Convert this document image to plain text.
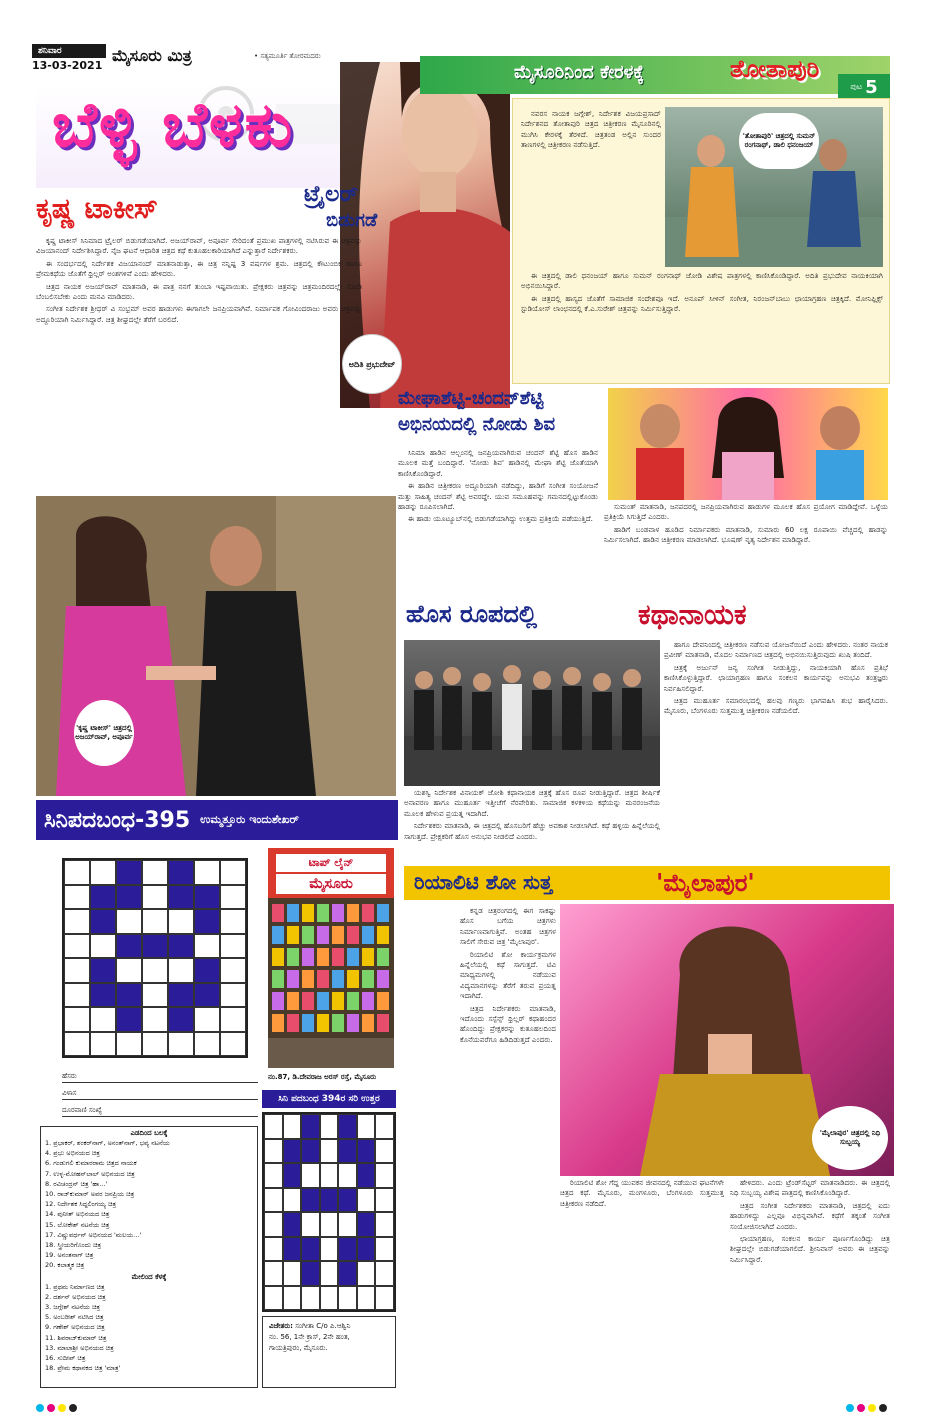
ಶನಿವಾರ
13-03-2021
ಮೈಸೂರು ಮಿತ್ರ	• ಸತ್ಯಮೂರ್ತಿ ತೋರಮದರು
ಬೆಳ್ಳಿ ಬೆಳಕು
ಅದಿತಿ ಪ್ರಭುದೇವ್
ಟ್ರೈಲರ್
ಕೃಷ್ಣ ಟಾಕೀಸ್	ಬಿಡುಗಡೆ

ಕೃಷ್ಣ ಟಾಕೀಸ್ ಸಿನಿಮಾದ ಟ್ರೈಲರ್ ಬಿಡುಗಡೆಯಾಗಿದೆ. ಅಜಯ್‌ರಾವ್, ಅಪೂರ್ವ ಸೇರಿದಂತೆ ಪ್ರಮುಖ ಪಾತ್ರಗಳಲ್ಲಿ ನಟಿಸಿರುವ ಈ ಚಿತ್ರವನ್ನು ವಿಜಯಾನಂದ್ ನಿರ್ದೇಶಿಸಿದ್ದಾರೆ. ನೈಜ ಘಟನೆ ಆಧಾರಿತ ಚಿತ್ರದ ಕಥೆ ಕುತೂಹಲಕಾರಿಯಾಗಿದೆ ಎನ್ನುತ್ತಾರೆ ನಿರ್ದೇಶಕರು.

ಈ ಸಂದರ್ಭದಲ್ಲಿ ನಿರ್ದೇಶಕ ವಿಜಯಾನಂದ್ ಮಾತನಾಡುತ್ತಾ, ಈ ಚಿತ್ರ ನನ್ನಿಷ್ಟ 3 ವರ್ಷಗಳ ಶ್ರಮ. ಚಿತ್ರದಲ್ಲಿ ಕೌಟುಂಬಿಕ ಹಾಗೂ ಪ್ರೇಮಕಥೆಯ ಜೊತೆಗೆ ಥ್ರಿಲ್ಲರ್ ಅಂಶಗಳಿವೆ ಎಂದು ಹೇಳಿದರು.

ಚಿತ್ರದ ನಾಯಕ ಅಜಯ್‌ರಾವ್ ಮಾತನಾಡಿ, ಈ ಪಾತ್ರ ನನಗೆ ತುಂಬಾ ಇಷ್ಟವಾಯಿತು. ಪ್ರೇಕ್ಷಕರು ಚಿತ್ರವನ್ನು ಚಿತ್ರಮಂದಿರದಲ್ಲೇ ನೋಡಿ ಬೆಂಬಲಿಸಬೇಕು ಎಂದು ಮನವಿ ಮಾಡಿದರು.

ಸಂಗೀತ ನಿರ್ದೇಶಕ ಶ್ರೀಧರ್ ವಿ ಸಂಭ್ರಮ್ ಅವರ ಹಾಡುಗಳು ಈಗಾಗಲೇ ಜನಪ್ರಿಯವಾಗಿವೆ. ನಿರ್ಮಾಪಕ ಗೋವಿಂದರಾಜು ಅವರು ಚಿತ್ರವನ್ನು ಅದ್ದೂರಿಯಾಗಿ ನಿರ್ಮಿಸಿದ್ದಾರೆ. ಚಿತ್ರ ಶೀಘ್ರದಲ್ಲೇ ತೆರೆಗೆ ಬರಲಿದೆ.

'ಕೃಷ್ಣ ಟಾಕೀಸ್' ಚಿತ್ರದಲ್ಲಿ ಅಜಯ್‌ರಾವ್, ಅಪೂರ್ವ
ಮೈಸೂರಿನಿಂದ ಕೇರಳಕ್ಕೆ	ತೋತಾಪುರಿ
ಪುಟ 5

ನವರಸ ನಾಯಕ ಜಗ್ಗೇಶ್, ನಿರ್ದೇಶಕ ವಿಜಯಪ್ರಸಾದ್ ನಿರ್ದೇಶನದ ತೋತಾಪುರಿ ಚಿತ್ರದ ಚಿತ್ರೀಕರಣ ಮೈಸೂರಿನಲ್ಲಿ ಮುಗಿಸಿ ಕೇರಳಕ್ಕೆ ತೆರಳಿದೆ. ಚಿತ್ರತಂಡ ಅಲ್ಲಿನ ಸುಂದರ ತಾಣಗಳಲ್ಲಿ ಚಿತ್ರೀಕರಣ ನಡೆಸುತ್ತಿದೆ.

'ತೋತಾಪುರಿ' ಚಿತ್ರದಲ್ಲಿ ಸುಮನ್ ರಂಗನಾಥ್, ಡಾಲಿ ಧನಂಜಯ್

ಈ ಚಿತ್ರದಲ್ಲಿ ಡಾಲಿ ಧನಂಜಯ್ ಹಾಗೂ ಸುಮನ್ ರಂಗನಾಥ್ ಜೋಡಿ ವಿಶೇಷ ಪಾತ್ರಗಳಲ್ಲಿ ಕಾಣಿಸಿಕೊಂಡಿದ್ದಾರೆ. ಅದಿತಿ ಪ್ರಭುದೇವ ನಾಯಕಿಯಾಗಿ ಅಭಿನಯಿಸಿದ್ದಾರೆ.

ಈ ಚಿತ್ರದಲ್ಲಿ ಹಾಸ್ಯದ ಜೊತೆಗೆ ಸಾಮಾಜಿಕ ಸಂದೇಶವೂ ಇದೆ. ಅನೂಪ್ ಸೀಳಿನ್ ಸಂಗೀತ, ನಿರಂಜನ್‌ಬಾಬು ಛಾಯಾಗ್ರಹಣ ಚಿತ್ರಕ್ಕಿದೆ. ಮೋನಿಫ್ಲಿಕ್ಸ್ ಸ್ಟುಡಿಯೋಸ್ ಲಾಂಛನದಲ್ಲಿ ಕೆ.ಎ.ಸುರೇಶ್ ಚಿತ್ರವನ್ನು ನಿರ್ಮಿಸುತ್ತಿದ್ದಾರೆ.

ಮೇಘಾಶೆಟ್ಟಿ-ಚಂದನ್‌ಶೆಟ್ಟಿ
ಅಭಿನಯದಲ್ಲಿ ನೋಡು ಶಿವ

ಸಿನಿಮಾ ಹಾಡಿನ ಆಲ್ಬಂನಲ್ಲಿ ಜನಪ್ರಿಯವಾಗಿರುವ ಚಂದನ್ ಶೆಟ್ಟಿ ಹೊಸ ಹಾಡಿನ ಮೂಲಕ ಮತ್ತೆ ಬಂದಿದ್ದಾರೆ. 'ನೋಡು ಶಿವ' ಹಾಡಿನಲ್ಲಿ ಮೇಘಾ ಶೆಟ್ಟಿ ಜೊತೆಯಾಗಿ ಕಾಣಿಸಿಕೊಂಡಿದ್ದಾರೆ.

ಈ ಹಾಡಿನ ಚಿತ್ರೀಕರಣ ಅದ್ದೂರಿಯಾಗಿ ನಡೆದಿದ್ದು, ಹಾಡಿಗೆ ಸಂಗೀತ ಸಂಯೋಜನೆ ಮತ್ತು ಸಾಹಿತ್ಯ ಚಂದನ್ ಶೆಟ್ಟಿ ಅವರದ್ದೇ. ಯುವ ಸಮೂಹವನ್ನು ಗಮನದಲ್ಲಿಟ್ಟುಕೊಂಡು ಹಾಡನ್ನು ರೂಪಿಸಲಾಗಿದೆ.

ಈ ಹಾಡು ಯೂಟ್ಯೂಬ್‌ನಲ್ಲಿ ಬಿಡುಗಡೆಯಾಗಿದ್ದು ಉತ್ತಮ ಪ್ರತಿಕ್ರಿಯೆ ಪಡೆಯುತ್ತಿದೆ.

ಸುಮಂತ್ ಮಾತನಾಡಿ, ಜನಪದರಲ್ಲಿ ಜನಪ್ರಿಯವಾಗಿರುವ ಹಾಡುಗಳ ಮೂಲಕ ಹೊಸ ಪ್ರಯೋಗ ಮಾಡಿದ್ದೇವೆ. ಒಳ್ಳೆಯ ಪ್ರತಿಕ್ರಿಯೆ ಸಿಗುತ್ತಿದೆ ಎಂದರು.

ಹಾಡಿಗೆ ಬಂಡವಾಳ ಹೂಡಿದ ನಿರ್ಮಾಪಕರು ಮಾತನಾಡಿ, ಸುಮಾರು 60 ಲಕ್ಷ ರೂಪಾಯಿ ವೆಚ್ಚದಲ್ಲಿ ಹಾಡನ್ನು ನಿರ್ಮಿಸಲಾಗಿದೆ. ಹಾಡಿನ ಚಿತ್ರೀಕರಣ ಮಾಡಲಾಗಿದೆ. ಭೂಷಣ್ ನೃತ್ಯ ನಿರ್ದೇಶನ ಮಾಡಿದ್ದಾರೆ.

ಹೊಸ ರೂಪದಲ್ಲಿ	ಕಥಾನಾಯಕ

ಹಾಗೂ ದೇವನಿಂದಲ್ಲಿ ಚಿತ್ರೀಕರಣ ನಡೆಸುವ ಯೋಜನೆಯಿದೆ ಎಂದು ಹೇಳಿದರು. ನಂತರ ನಾಯಕ ಪ್ರವೀಣ್ ಮಾತನಾಡಿ, ಮೊದಲ ನಿರ್ಮಾಣದ ಚಿತ್ರದಲ್ಲಿ ಅಭಿನಯಿಸುತ್ತಿರುವುದು ಖುಷಿ ತಂದಿದೆ.

ಚಿತ್ರಕ್ಕೆ ಅರ್ಜುನ್ ಜನ್ಯ ಸಂಗೀತ ನೀಡುತ್ತಿದ್ದು, ನಾಯಕಿಯಾಗಿ ಹೊಸ ಪ್ರತಿಭೆ ಕಾಣಿಸಿಕೊಳ್ಳುತ್ತಿದ್ದಾರೆ. ಛಾಯಾಗ್ರಹಣ ಹಾಗೂ ಸಂಕಲನ ಕಾರ್ಯವನ್ನು ಅನುಭವಿ ತಂತ್ರಜ್ಞರು ನಿರ್ವಹಿಸಲಿದ್ದಾರೆ.

ಚಿತ್ರದ ಮುಹೂರ್ತ ಸಮಾರಂಭದಲ್ಲಿ ಹಲವು ಗಣ್ಯರು ಭಾಗವಹಿಸಿ ಶುಭ ಹಾರೈಸಿದರು. ಮೈಸೂರು, ಬೆಂಗಳೂರು ಸುತ್ತಮುತ್ತ ಚಿತ್ರೀಕರಣ ನಡೆಯಲಿದೆ.

ಯಶಸ್ವಿ ನಿರ್ದೇಶಕ ವಿನಾಯಕ್ ಜೋಶಿ ಕಥಾನಾಯಕ ಚಿತ್ರಕ್ಕೆ ಹೊಸ ರೂಪ ನೀಡುತ್ತಿದ್ದಾರೆ. ಚಿತ್ರದ ಶೀರ್ಷಿಕೆ ಅನಾವರಣ ಹಾಗೂ ಮುಹೂರ್ತ ಇತ್ತೀಚೆಗೆ ನೆರವೇರಿತು. ಸಾಮಾಜಿಕ ಕಳಕಳಿಯ ಕಥೆಯನ್ನು ಮನರಂಜನೆಯ ಮೂಲಕ ಹೇಳುವ ಪ್ರಯತ್ನ ಇದಾಗಿದೆ.

ನಿರ್ದೇಶಕರು ಮಾತನಾಡಿ, ಈ ಚಿತ್ರದಲ್ಲಿ ಹೊಸಬರಿಗೆ ಹೆಚ್ಚು ಅವಕಾಶ ನೀಡಲಾಗಿದೆ. ಕಥೆ ಹಳ್ಳಿಯ ಹಿನ್ನೆಲೆಯಲ್ಲಿ ಸಾಗುತ್ತದೆ. ಪ್ರೇಕ್ಷಕರಿಗೆ ಹೊಸ ಅನುಭವ ನೀಡಲಿದೆ ಎಂದರು.

ಸಿನಿಪದಬಂಧ-395 ಉಮ್ಮತ್ತೂರು ಇಂದುಶೇಖರ್
ಹೆಸರು
ವಿಳಾಸ
ದೂರವಾಣಿ ಸಂಖ್ಯೆ
ಎಡದಿಂದ ಬಲಕ್ಕೆ
1. ಪ್ರಭಾಕರ್, ಶಂಕರ್‌ನಾಗ್, ಅನಂತ್‌ನಾಗ್, ಭವ್ಯ ನಟನೆಯ
4. ಪ್ರಭು ಅಭಿನಯದ ಚಿತ್ರ
6. ಗಂಡುಗಲಿ ಕುಮಾರರಾಮ ಚಿತ್ರದ ನಾಯಕ
7. ಉಳ್ಳ-ಮೋಹನ್‌ಲಾಲ್ ಅಭಿನಯದ ಚಿತ್ರ
8. ರವಿಚಂದ್ರನ್ ಚಿತ್ರ 'ಹಾ...'
10. ರಾಜ್‌ಕುಮಾರ್ ಅವರ ಜನಪ್ರಿಯ ಚಿತ್ರ
12. ನಿರ್ದೇಶಕ ಸಿದ್ದಲಿಂಗಯ್ಯ ಚಿತ್ರ
14. ಪುನೀತ್ ಅಭಿನಯದ ಚಿತ್ರ
15. ಲೋಕೇಶ್ ನಟನೆಯ ಚಿತ್ರ
17. ವಿಷ್ಣುವರ್ಧನ್ ಅಭಿನಯದ 'ಮಲಯ...'
18. ಸ್ತ್ರೀಯರಿಗೊಂದು ಚಿತ್ರ
19. ಅನಂತನಾಗ್ ಚಿತ್ರ
20. ಕಲಾತ್ಮಕ ಚಿತ್ರ
ಮೇಲಿಂದ ಕೆಳಕ್ಕೆ
1. ಪ್ರಥಮ ನಿರ್ಮಾಣದ ಚಿತ್ರ
2. ದರ್ಶನ್ ಅಭಿನಯದ ಚಿತ್ರ
3. ಜಗ್ಗೇಶ್ ನಟನೆಯ ಚಿತ್ರ
5. ಅಂಬರೀಶ್ ನಟಿಸಿದ ಚಿತ್ರ
9. ಗಣೇಶ್ ಅಭಿನಯದ ಚಿತ್ರ
11. ಶಿವರಾಜ್‌ಕುಮಾರ್ ಚಿತ್ರ
13. ಮಾಲಾಶ್ರೀ ಅಭಿನಯದ ಚಿತ್ರ
16. ಸುದೀಪ್ ಚಿತ್ರ
18. ಪ್ರೇಮ ಕಥಾನಕದ ಚಿತ್ರ 'ಮಾತ್ರ'
ಟಾಪ್ ಲೈನ್
ಮೈಸೂರು
ನಂ.87, ಡಿ.ದೇವರಾಜ ಅರಸ್ ರಸ್ತೆ, ಮೈಸೂರು
ಸಿನಿ ಪದಬಂಧ 394ರ ಸರಿ ಉತ್ತರ
ವಿಜೇತರು: ಸಂಗೀತಾ C/o ಪಿ.ಆಶ್ವಿನಿ
ನಂ. 56, 1ನೇ ಕ್ರಾಸ್, 2ನೇ ಹಂತ,
ಗಾಯತ್ರಿಪುರಂ, ಮೈಸೂರು.
ರಿಯಾಲಿಟಿ ಶೋ ಸುತ್ತ	'ಮೈಲಾಪುರ'
'ಮೈಲಾಪುರ' ಚಿತ್ರದಲ್ಲಿ ನಿಧಿ ಸುಬ್ಬಯ್ಯ

ಕನ್ನಡ ಚಿತ್ರರಂಗದಲ್ಲಿ ಈಗ ಸಾಕಷ್ಟು ಹೊಸ ಬಗೆಯ ಚಿತ್ರಗಳು ನಿರ್ಮಾಣವಾಗುತ್ತಿವೆ. ಅಂತಹ ಚಿತ್ರಗಳ ಸಾಲಿಗೆ ಸೇರುವ ಚಿತ್ರ 'ಮೈಲಾಪುರ'.

ರಿಯಾಲಿಟಿ ಶೋ ಕಾರ್ಯಕ್ರಮಗಳ ಹಿನ್ನೆಲೆಯಲ್ಲಿ ಕಥೆ ಸಾಗುತ್ತದೆ. ಟಿವಿ ಮಾಧ್ಯಮಗಳಲ್ಲಿ ನಡೆಯುವ ವಿದ್ಯಮಾನಗಳನ್ನು ತೆರೆಗೆ ತರುವ ಪ್ರಯತ್ನ ಇದಾಗಿದೆ.

ಚಿತ್ರದ ನಿರ್ದೇಶಕರು ಮಾತನಾಡಿ, ಇದೊಂದು ಸಸ್ಪೆನ್ಸ್ ಥ್ರಿಲ್ಲರ್ ಕಥಾಹಂದರ ಹೊಂದಿದ್ದು ಪ್ರೇಕ್ಷಕರನ್ನು ಕುತೂಹಲದಿಂದ ಕೊನೆಯವರೆಗೂ ಹಿಡಿದಿಡುತ್ತದೆ ಎಂದರು.

ರಿಯಾಲಿಟಿ ಶೋ ಗೆದ್ದ ಯುವಕನ ಜೀವನದಲ್ಲಿ ನಡೆಯುವ ಘಟನೆಗಳೇ ಚಿತ್ರದ ಕಥೆ. ಮೈಸೂರು, ಮಂಗಳೂರು, ಬೆಂಗಳೂರು ಸುತ್ತಮುತ್ತ ಚಿತ್ರೀಕರಣ ನಡೆದಿದೆ.

ಹೇಳಿದರು. ಎಂದು ಟ್ರೆಂಡ್‌ಸೆಟ್ಟರ್ ಮಾತನಾಡಿದರು. ಈ ಚಿತ್ರದಲ್ಲಿ ನಿಧಿ ಸುಬ್ಬಯ್ಯ ವಿಶೇಷ ಪಾತ್ರದಲ್ಲಿ ಕಾಣಿಸಿಕೊಂಡಿದ್ದಾರೆ.

ಚಿತ್ರದ ಸಂಗೀತ ನಿರ್ದೇಶಕರು ಮಾತನಾಡಿ, ಚಿತ್ರದಲ್ಲಿ ಐದು ಹಾಡುಗಳಿದ್ದು ಎಲ್ಲವೂ ವಿಭಿನ್ನವಾಗಿವೆ. ಕಥೆಗೆ ತಕ್ಕಂತೆ ಸಂಗೀತ ಸಂಯೋಜಿಸಲಾಗಿದೆ ಎಂದರು.

ಛಾಯಾಗ್ರಹಣ, ಸಂಕಲನ ಕಾರ್ಯ ಪೂರ್ಣಗೊಂಡಿದ್ದು ಚಿತ್ರ ಶೀಘ್ರದಲ್ಲೇ ಬಿಡುಗಡೆಯಾಗಲಿದೆ. ಶ್ರೀನಿವಾಸ್ ಅವರು ಈ ಚಿತ್ರವನ್ನು ನಿರ್ಮಿಸಿದ್ದಾರೆ.
